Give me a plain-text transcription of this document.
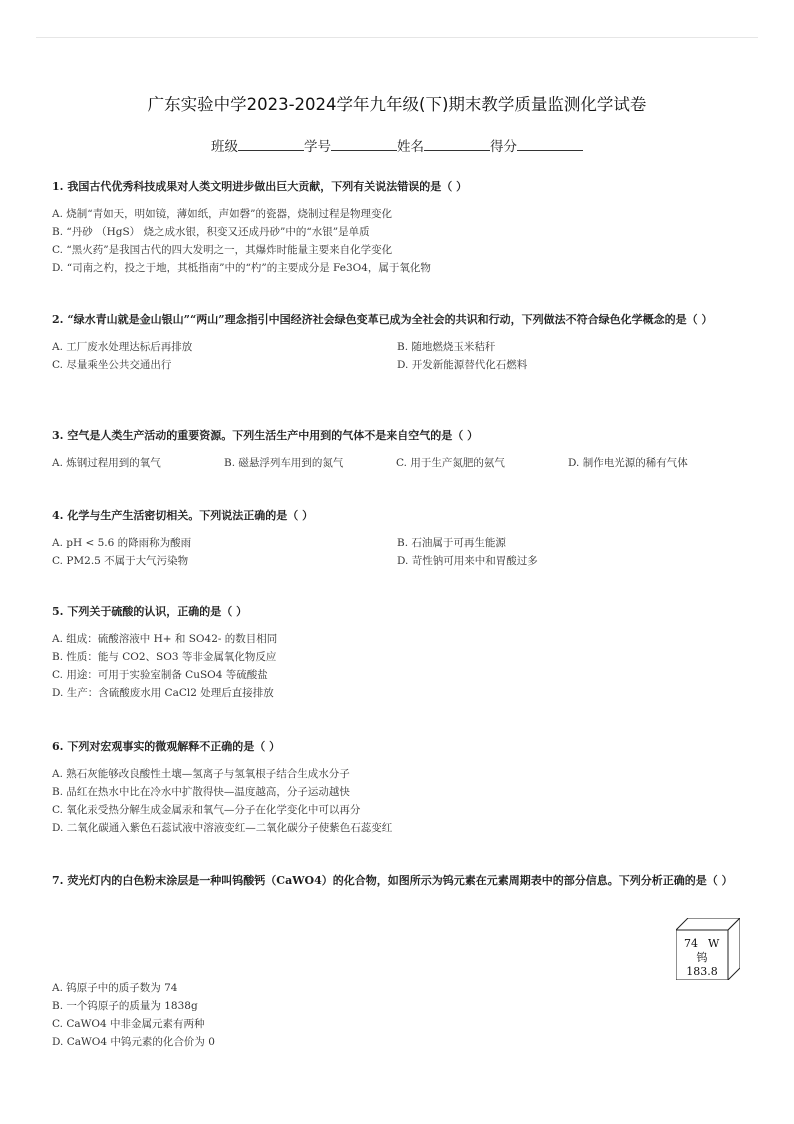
广东实验中学2023-2024学年九年级(下)期末教学质量监测化学试卷
班级	学号	姓名	得分
1. 我国古代优秀科技成果对人类文明进步做出巨大贡献，下列有关说法错误的是（ ）
A. 烧制“青如天，明如镜，薄如纸，声如磬”的瓷器，烧制过程是物理变化
B. “丹砂 （HgS） 烧之成水银，积变又还成丹砂”中的“水银”是单质
C. “黑火药”是我国古代的四大发明之一，其爆炸时能量主要来自化学变化
D. “司南之杓，投之于地，其柢指南”中的“杓”的主要成分是 Fe3O4，属于氧化物
2. “绿水青山就是金山银山”“两山”理念指引中国经济社会绿色变革已成为全社会的共识和行动，下列做法不符合绿色化学概念的是（ ）
A. 工厂废水处理达标后再排放	B. 随地燃烧玉米秸秆
C. 尽量乘坐公共交通出行	D. 开发新能源替代化石燃料
3. 空气是人类生产活动的重要资源。下列生活生产中用到的气体不是来自空气的是（ ）
A. 炼钢过程用到的氧气	B. 磁悬浮列车用到的氮气	C. 用于生产氮肥的氨气	D. 制作电光源的稀有气体
4. 化学与生产生活密切相关。下列说法正确的是（ ）
A. pH < 5.6 的降雨称为酸雨	B. 石油属于可再生能源
C. PM2.5 不属于大气污染物	D. 苛性钠可用来中和胃酸过多
5. 下列关于硫酸的认识，正确的是（ ）
A. 组成：硫酸溶液中 H+ 和 SO42- 的数目相同
B. 性质：能与 CO2、SO3 等非金属氧化物反应
C. 用途：可用于实验室制备 CuSO4 等硫酸盐
D. 生产：含硫酸废水用 CaCl2 处理后直接排放
6. 下列对宏观事实的微观解释不正确的是（ ）
A. 熟石灰能够改良酸性土壤—氢离子与氢氧根子结合生成水分子
B. 品红在热水中比在冷水中扩散得快—温度越高，分子运动越快
C. 氧化汞受热分解生成金属汞和氧气—分子在化学变化中可以再分
D. 二氧化碳通入紫色石蕊试液中溶液变红—二氧化碳分子使紫色石蕊变红
7. 荧光灯内的白色粉末涂层是一种叫钨酸钙（CaWO4）的化合物，如图所示为钨元素在元素周期表中的部分信息。下列分析正确的是（ ）
74 W
钨
183.8
A. 钨原子中的质子数为 74
B. 一个钨原子的质量为 1838g
C. CaWO4 中非金属元素有两种
D. CaWO4 中钨元素的化合价为 0
